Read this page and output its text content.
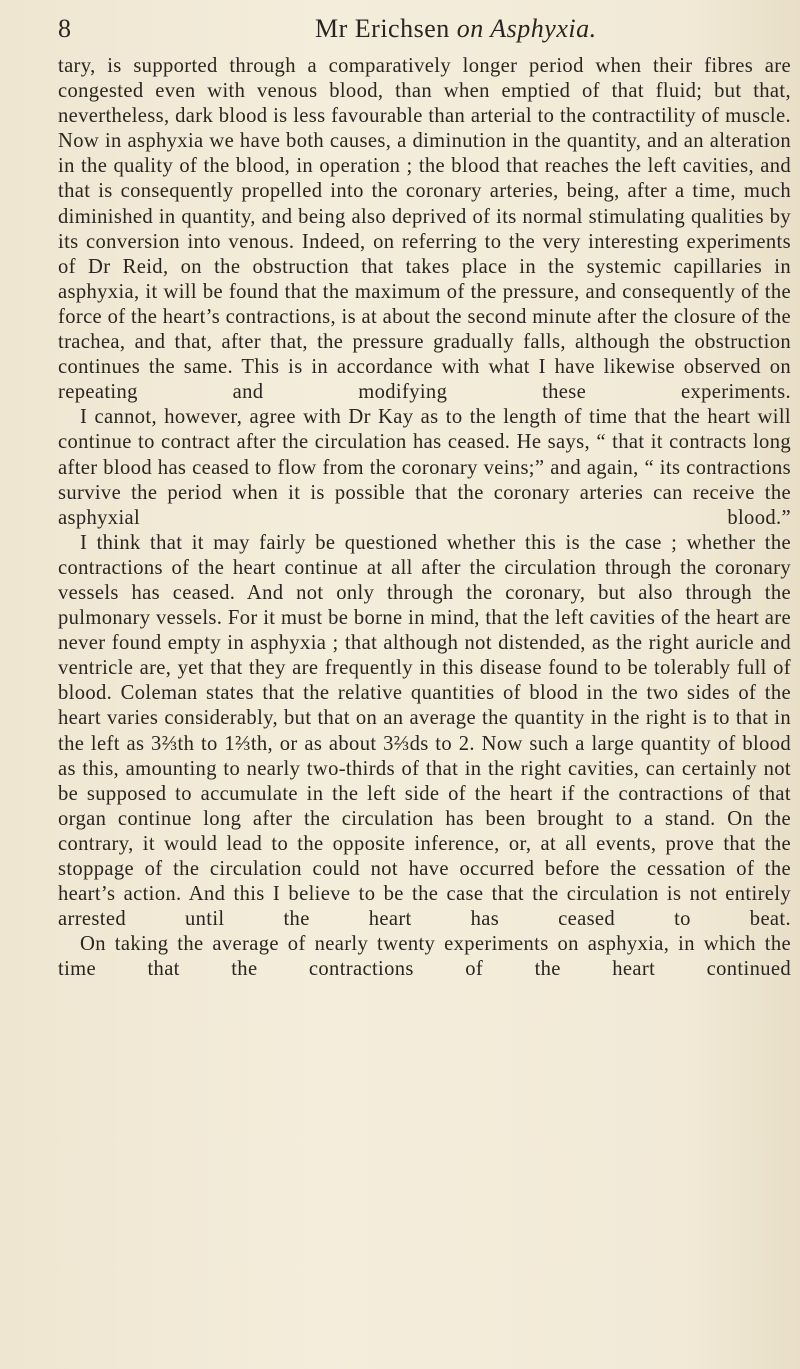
8	Mr Erichsen on Asphyxia.

tary, is supported through a comparatively longer period when their fibres are congested even with venous blood, than when emptied of that fluid; but that, nevertheless, dark blood is less favourable than arterial to the contractility of muscle. Now in asphyxia we have both causes, a diminution in the quantity, and an alteration in the quality of the blood, in operation ; the blood that reaches the left cavities, and that is consequently propelled into the coronary arteries, being, after a time, much diminished in quantity, and being also deprived of its normal stimulating qualities by its conversion into venous. Indeed, on referring to the very interesting experiments of Dr Reid, on the obstruction that takes place in the systemic capillaries in asphyxia, it will be found that the maximum of the pressure, and consequently of the force of the heart’s contractions, is at about the second minute after the closure of the trachea, and that, after that, the pressure gradually falls, although the obstruction continues the same. This is in accordance with what I have likewise observed on repeating and modifying these experiments.

I cannot, however, agree with Dr Kay as to the length of time that the heart will continue to contract after the circulation has ceased. He says, “ that it contracts long after blood has ceased to flow from the coronary veins;” and again, “ its contractions survive the period when it is possible that the coronary arteries can receive the asphyxial blood.”

I think that it may fairly be questioned whether this is the case ; whether the contractions of the heart continue at all after the circulation through the coronary vessels has ceased. And not only through the coronary, but also through the pulmonary vessels. For it must be borne in mind, that the left cavities of the heart are never found empty in asphyxia ; that although not distended, as the right auricle and ventricle are, yet that they are frequently in this disease found to be tolerably full of blood. Coleman states that the relative quantities of blood in the two sides of the heart varies considerably, but that on an average the quantity in the right is to that in the left as 3⅔th to 1⅔th, or as about 3⅔ds to 2. Now such a large quantity of blood as this, amounting to nearly two-thirds of that in the right cavities, can certainly not be supposed to accumulate in the left side of the heart if the contractions of that organ continue long after the circulation has been brought to a stand. On the contrary, it would lead to the opposite inference, or, at all events, prove that the stoppage of the circulation could not have occurred before the cessation of the heart’s action. And this I believe to be the case that the circulation is not entirely arrested until the heart has ceased to beat.

On taking the average of nearly twenty experiments on asphyxia, in which the time that the contractions of the heart continued
